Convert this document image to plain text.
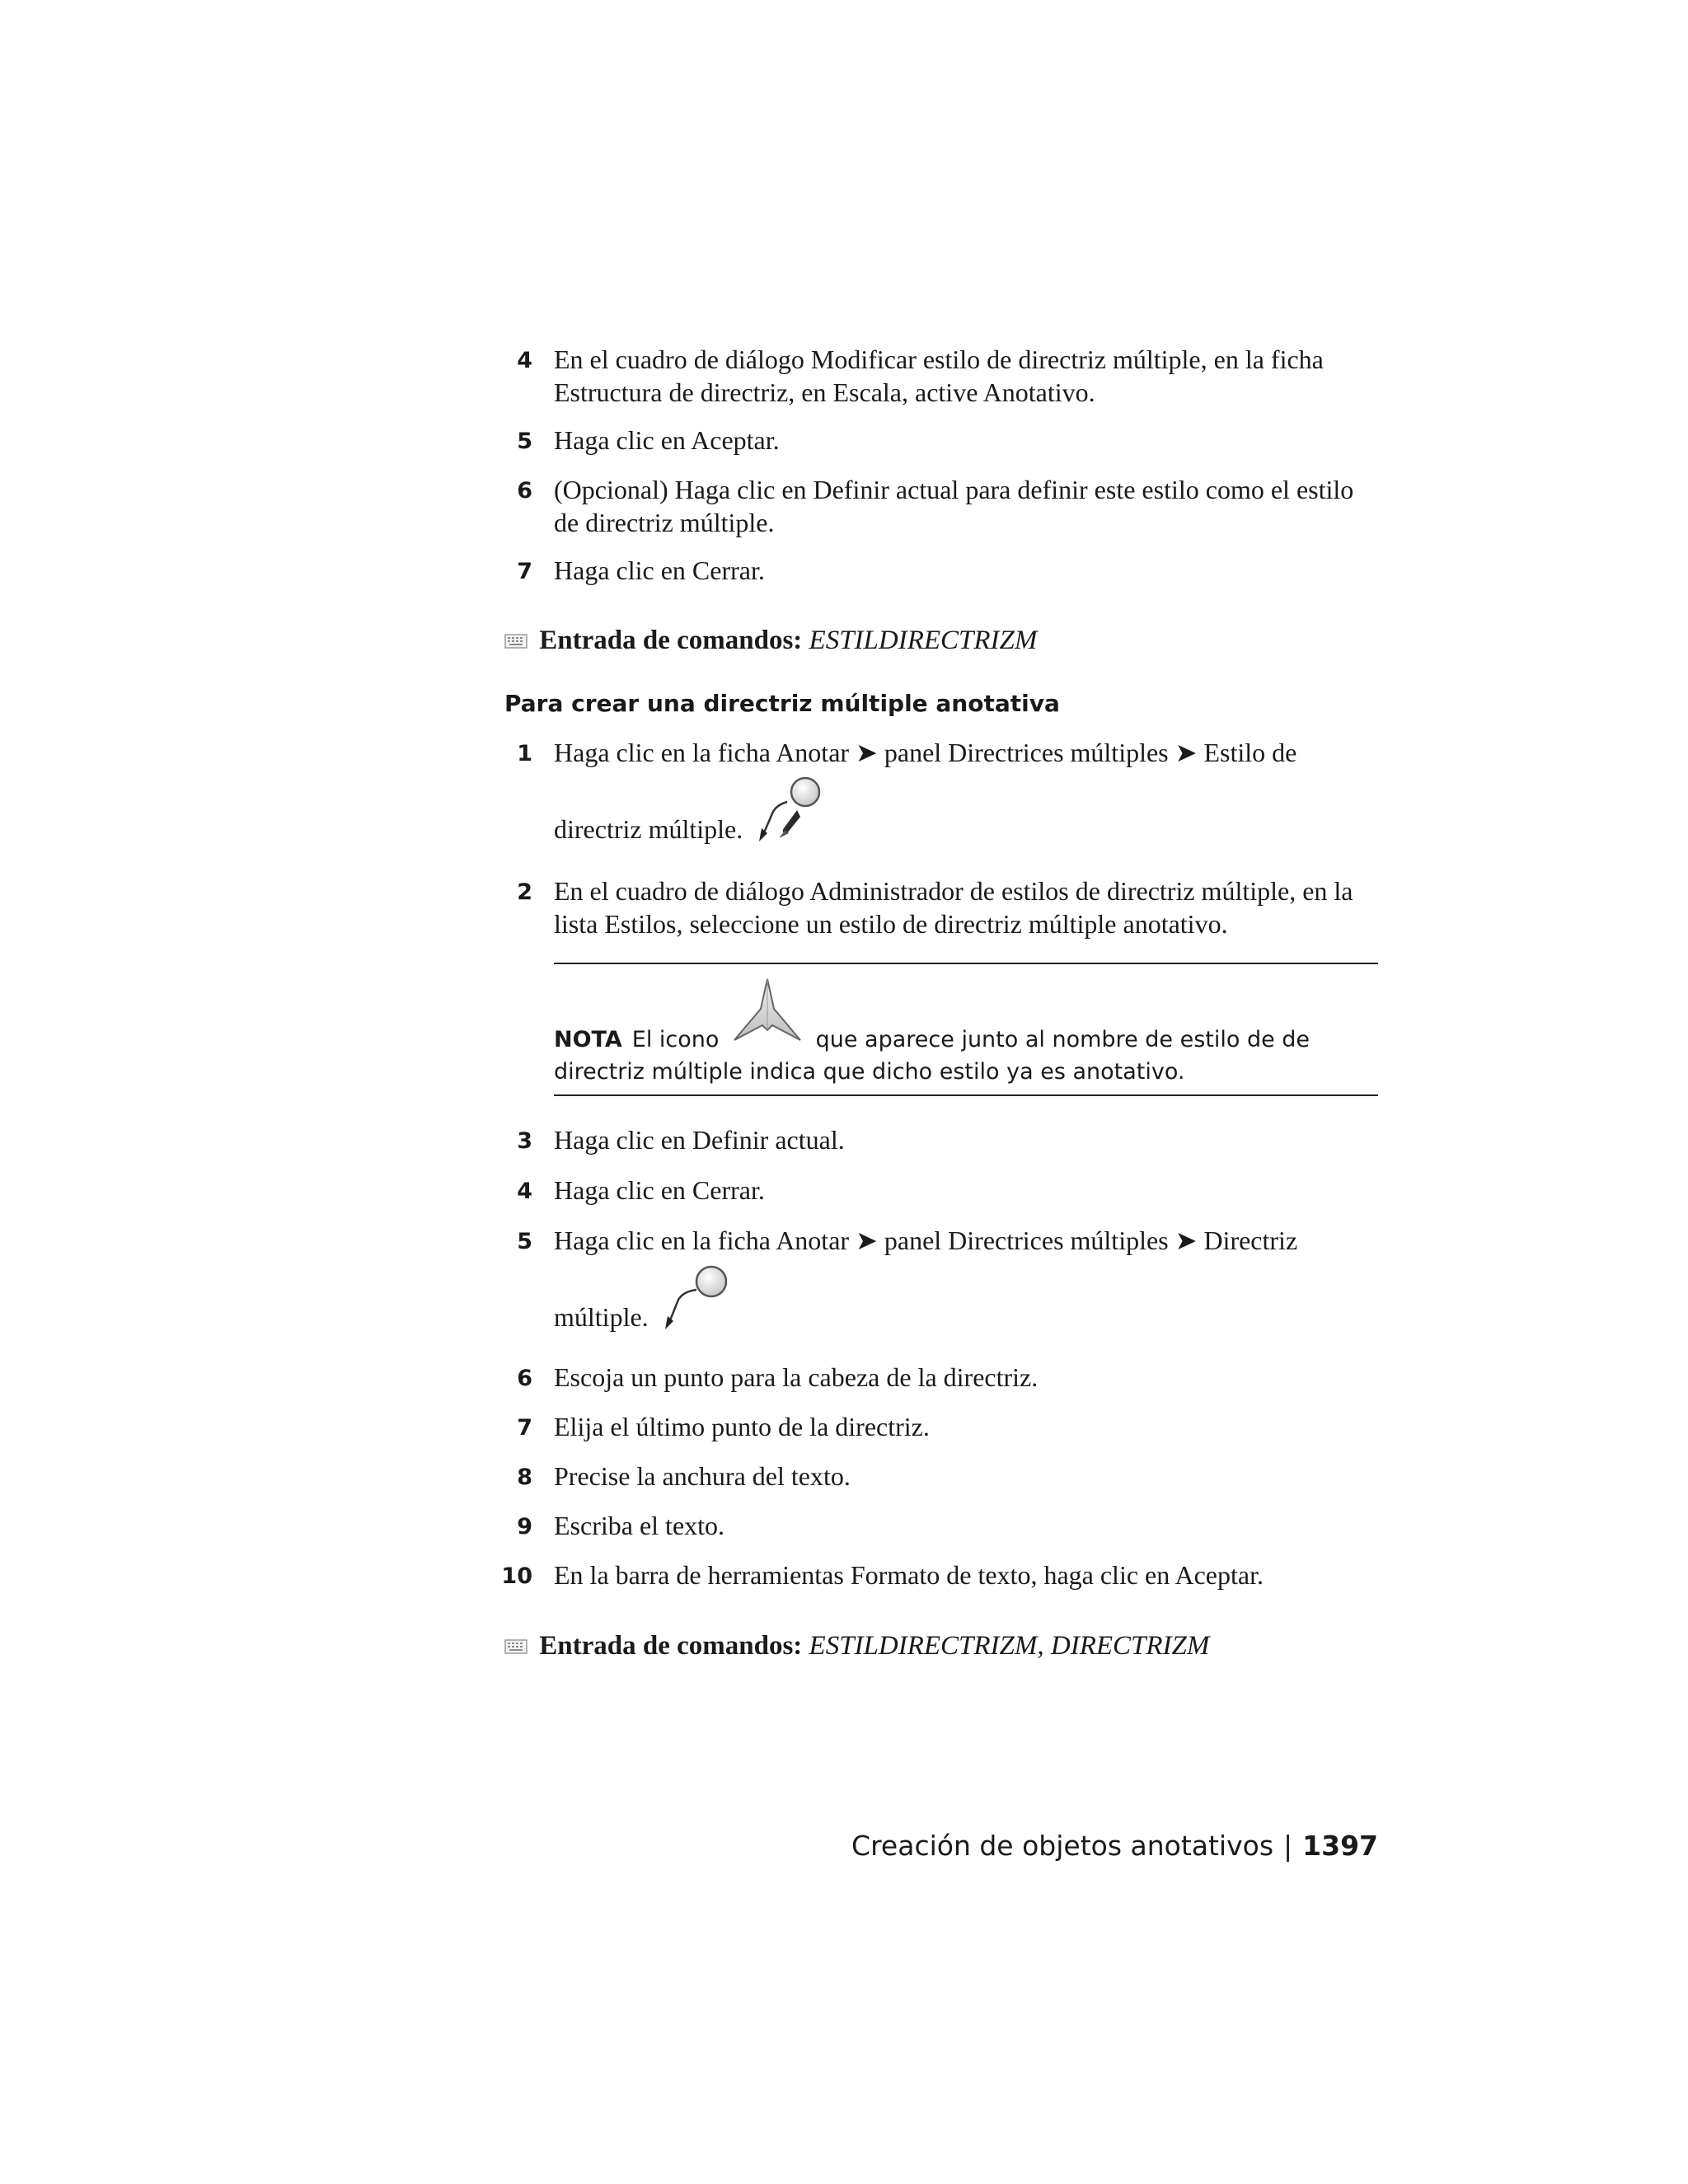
4 En el cuadro de diálogo Modificar estilo de directriz múltiple, en la ficha Estructura de directriz, en Escala, active Anotativo.
5 Haga clic en Aceptar.
6 (Opcional) Haga clic en Definir actual para definir este estilo como el estilo de directriz múltiple.
7 Haga clic en Cerrar.
Entrada de comandos: ESTILDIRECTRIZM
Para crear una directriz múltiple anotativa
1 Haga clic en la ficha Anotar ➤ panel Directrices múltiples ➤ Estilo de
directriz múltiple.
2 En el cuadro de diálogo Administrador de estilos de directriz múltiple, en la lista Estilos, seleccione un estilo de directriz múltiple anotativo.
NOTA El icono	que aparece junto al nombre de estilo de de directriz múltiple indica que dicho estilo ya es anotativo.
3 Haga clic en Definir actual.
4 Haga clic en Cerrar.
5 Haga clic en la ficha Anotar ➤ panel Directrices múltiples ➤ Directriz
múltiple.
6 Escoja un punto para la cabeza de la directriz.
7 Elija el último punto de la directriz.
8 Precise la anchura del texto.
9 Escriba el texto.
10 En la barra de herramientas Formato de texto, haga clic en Aceptar.
Entrada de comandos: ESTILDIRECTRIZM, DIRECTRIZM
Creación de objetos anotativos | 1397
